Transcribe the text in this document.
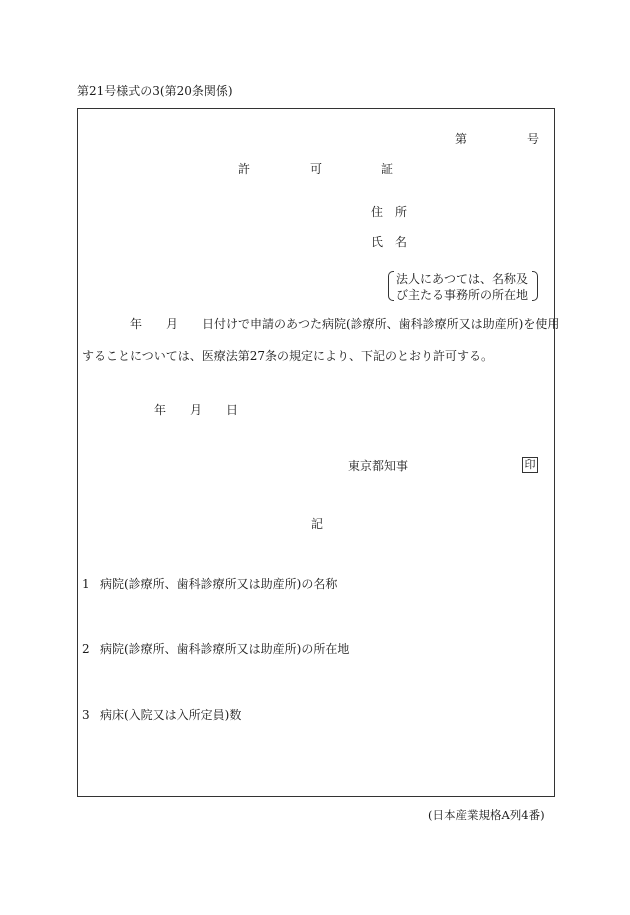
第21号様式の3(第20条関係)
第	号
許	可	証
住　所
氏　名
法人にあつては、名称及
び主たる事務所の所在地
年 月 日付けで申請のあつた病院(診療所、歯科診療所又は助産所)を使用
することについては、医療法第27条の規定により、下記のとおり許可する。
年 月 日
東京都知事	印
記
1 病院(診療所、歯科診療所又は助産所)の名称
2 病院(診療所、歯科診療所又は助産所)の所在地
3 病床(入院又は入所定員)数
(日本産業規格A列4番)
